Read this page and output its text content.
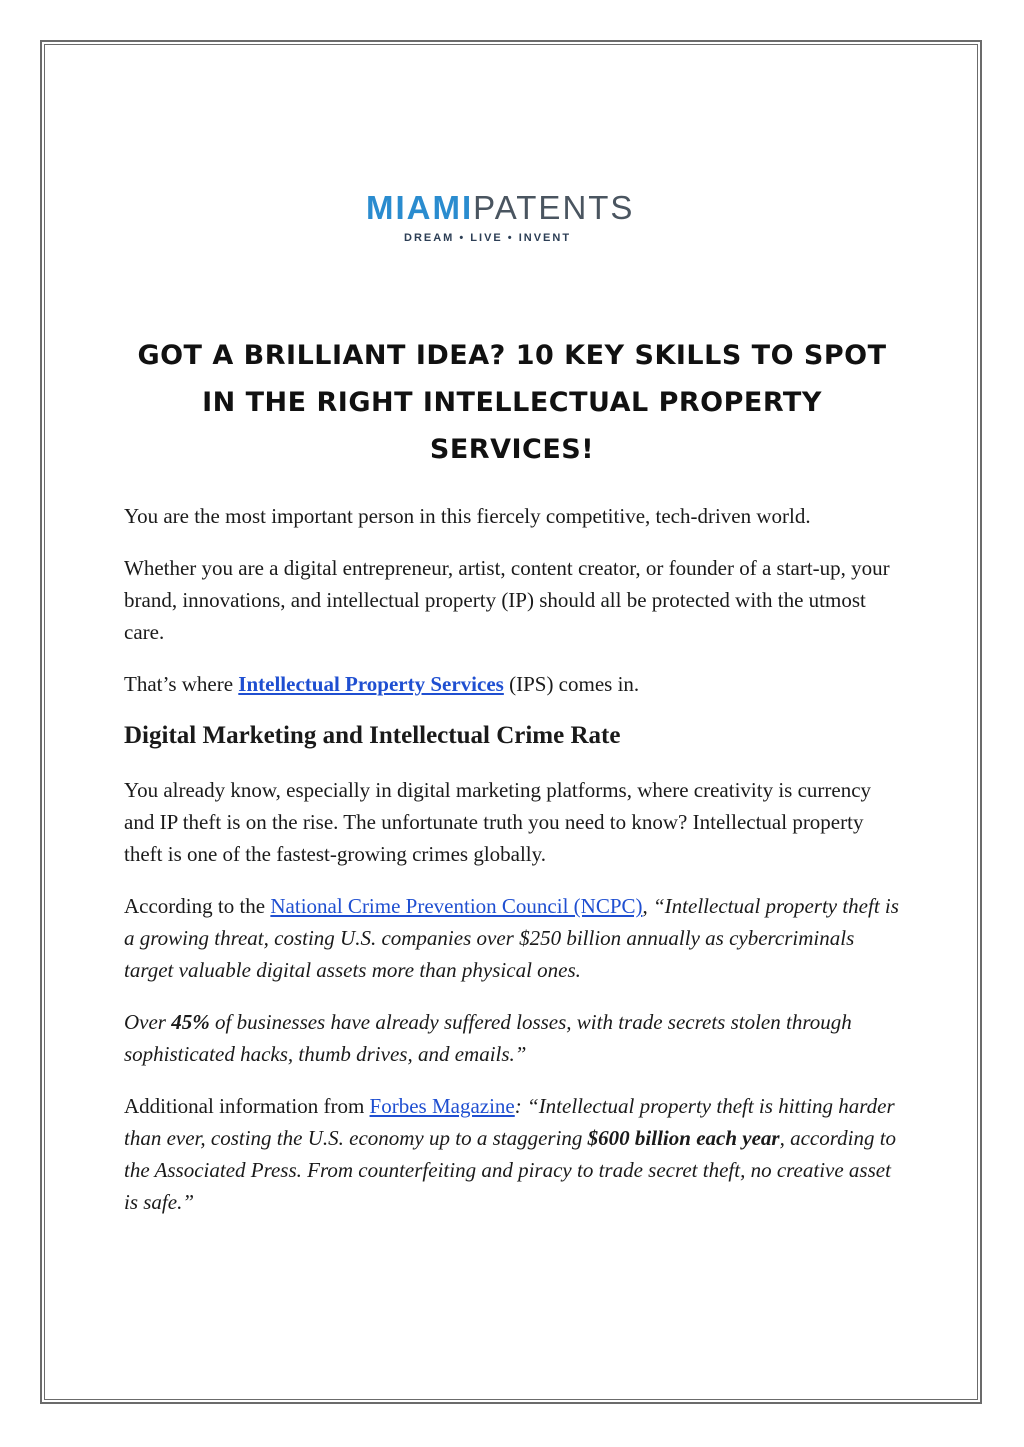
MIAMIPATENTS
DREAM • LIVE • INVENT
GOT A BRILLIANT IDEA? 10 KEY SKILLS TO SPOT IN THE RIGHT INTELLECTUAL PROPERTY SERVICES!

You are the most important person in this fiercely competitive, tech-driven world.

Whether you are a digital entrepreneur, artist, content creator, or founder of a start-up, your brand, innovations, and intellectual property (IP) should all be protected with the utmost care.

That’s where Intellectual Property Services (IPS) comes in.

Digital Marketing and Intellectual Crime Rate

You already know, especially in digital marketing platforms, where creativity is currency and IP theft is on the rise. The unfortunate truth you need to know? Intellectual property theft is one of the fastest-growing crimes globally.

According to the National Crime Prevention Council (NCPC), “Intellectual property theft is a growing threat, costing U.S. companies over $250 billion annually as cybercriminals target valuable digital assets more than physical ones.

Over 45% of businesses have already suffered losses, with trade secrets stolen through sophisticated hacks, thumb drives, and emails.”

Additional information from Forbes Magazine: “Intellectual property theft is hitting harder than ever, costing the U.S. economy up to a staggering $600 billion each year, according to the Associated Press. From counterfeiting and piracy to trade secret theft, no creative asset is safe.”
